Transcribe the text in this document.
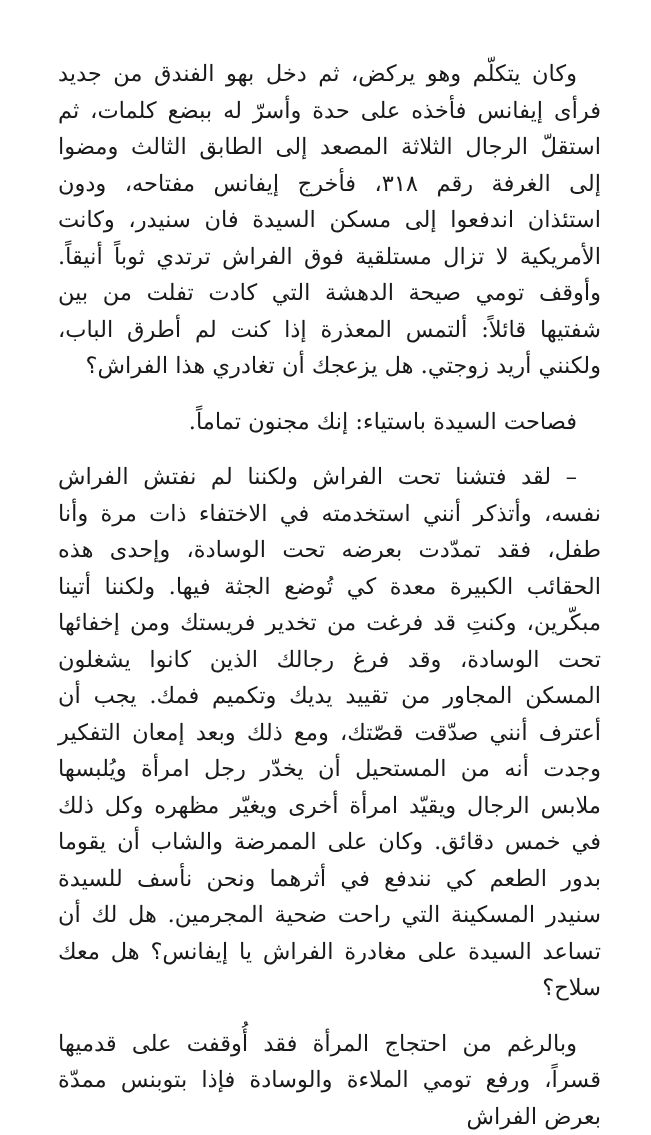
وكان يتكلّم وهو يركض، ثم دخل بهو الفندق من جديد فرأى إيفانس فأخذه على حدة وأسرّ له ببضع كلمات، ثم استقلّ الرجال الثلاثة المصعد إلى الطابق الثالث ومضوا إلى الغرفة رقم ٣١٨، فأخرج إيفانس مفتاحه، ودون استئذان اندفعوا إلى مسكن السيدة فان سنيدر، وكانت الأمريكية لا تزال مستلقية فوق الفراش ترتدي ثوباً أنيقاً. وأوقف تومي صيحة الدهشة التي كادت تفلت من بين شفتيها قائلاً: ألتمس المعذرة إذا كنت لم أطرق الباب، ولكنني أريد زوجتي. هل يزعجك أن تغادري هذا الفراش؟

فصاحت السيدة باستياء: إنك مجنون تماماً.

– لقد فتشنا تحت الفراش ولكننا لم نفتش الفراش نفسه، وأتذكر أنني استخدمته في الاختفاء ذات مرة وأنا طفل، فقد تمدّدت بعرضه تحت الوسادة، وإحدى هذه الحقائب الكبيرة معدة كي تُوضع الجثة فيها. ولكننا أتينا مبكّرين، وكنتِ قد فرغت من تخدير فريستك ومن إخفائها تحت الوسادة، وقد فرغ رجالك الذين كانوا يشغلون المسكن المجاور من تقييد يديك وتكميم فمك. يجب أن أعترف أنني صدّقت قصّتك، ومع ذلك وبعد إمعان التفكير وجدت أنه من المستحيل أن يخدّر رجل امرأة ويُلبسها ملابس الرجال ويقيّد امرأة أخرى ويغيّر مظهره وكل ذلك في خمس دقائق. وكان على الممرضة والشاب أن يقوما بدور الطعم كي نندفع في أثرهما ونحن نأسف للسيدة سنيدر المسكينة التي راحت ضحية المجرمين. هل لك أن تساعد السيدة على مغادرة الفراش يا إيفانس؟ هل معك سلاح؟

وبالرغم من احتجاج المرأة فقد أُوقفت على قدميها قسراً، ورفع تومي الملاءة والوسادة فإذا بتوبنس ممدّة بعرض الفراش
